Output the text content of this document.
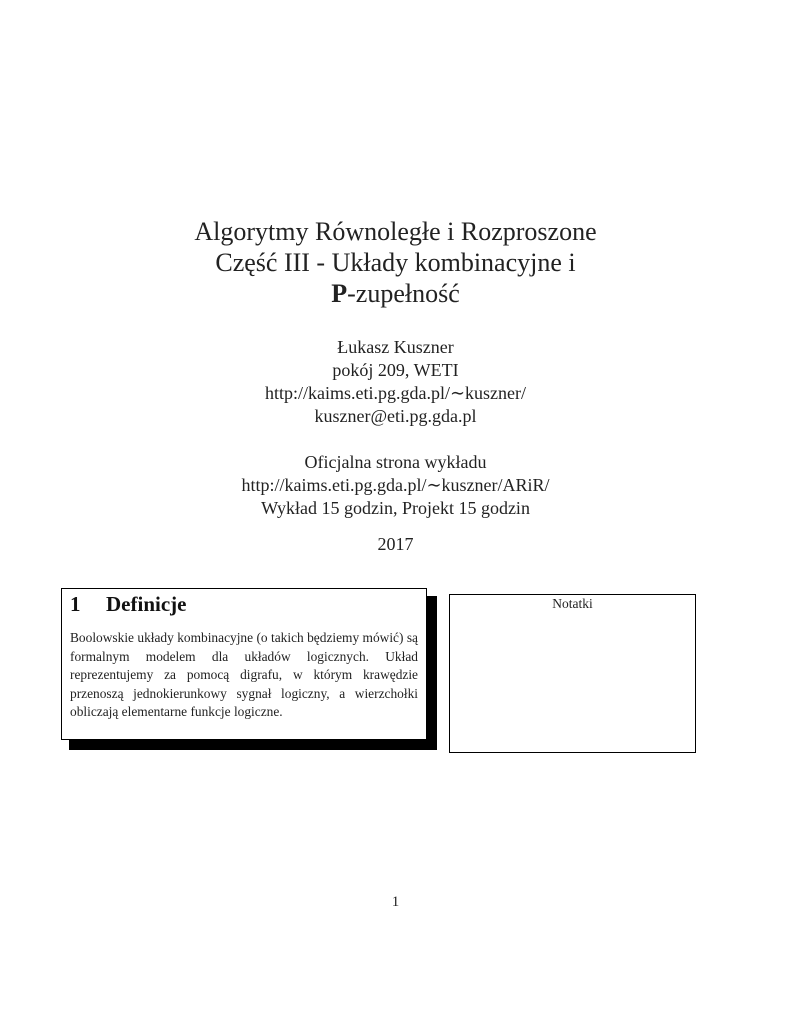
Algorytmy Równoległe i Rozproszone
Część III - Układy kombinacyjne i
P-zupełność
Łukasz Kuszner
pokój 209, WETI
http://kaims.eti.pg.gda.pl/∼kuszner/
kuszner@eti.pg.gda.pl
Oficjalna strona wykładu
http://kaims.eti.pg.gda.pl/∼kuszner/ARiR/
Wykład 15 godzin, Projekt 15 godzin
2017
1 Definicje

Boolowskie układy kombinacyjne (o takich będziemy mówić) są formalnym modelem dla układów logicznych. Układ reprezentujemy za pomocą digrafu, w którym krawędzie przenoszą jednokierunkowy sygnał logiczny, a wierzchołki obliczają elementarne funkcje logiczne.

Notatki
1
